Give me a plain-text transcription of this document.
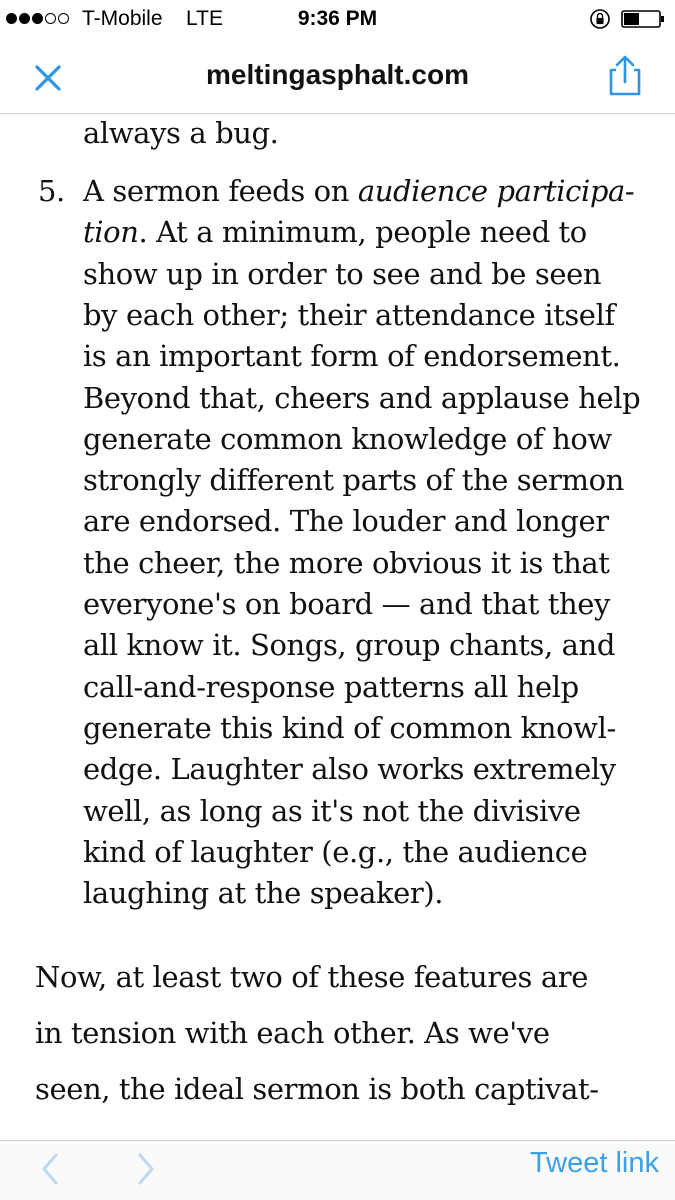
T-Mobile LTE	9:36 PM
meltingasphalt.com
always a bug.
5. A sermon feeds on audience participa-
tion. At a minimum, people need to
show up in order to see and be seen
by each other; their attendance itself
is an important form of endorsement.
Beyond that, cheers and applause help
generate common knowledge of how
strongly different parts of the sermon
are endorsed. The louder and longer
the cheer, the more obvious it is that
everyone's on board — and that they
all know it. Songs, group chants, and
call-and-response patterns all help
generate this kind of common knowl-
edge. Laughter also works extremely
well, as long as it's not the divisive
kind of laughter (e.g., the audience
laughing at the speaker).
Now, at least two of these features are
in tension with each other. As we've
seen, the ideal sermon is both captivat-
Tweet link
